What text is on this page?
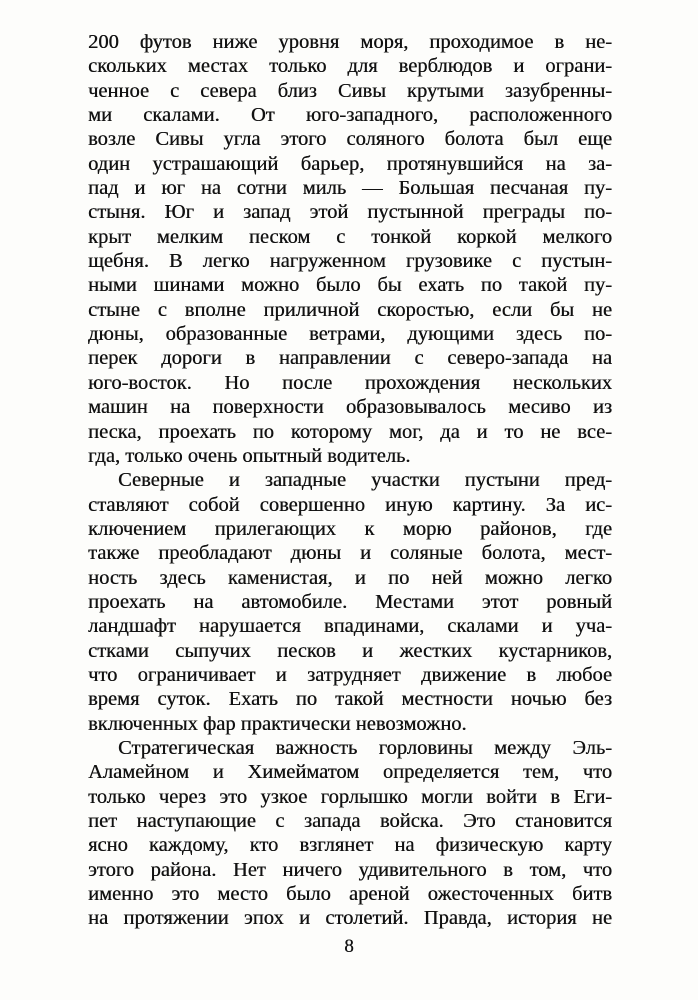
200 футов ниже уровня моря, проходимое в не-
скольких местах только для верблюдов и ограни-
ченное с севера близ Сивы крутыми зазубренны-
ми скалами. От юго-западного, расположенного
возле Сивы угла этого соляного болота был еще
один устрашающий барьер, протянувшийся на за-
пад и юг на сотни миль — Большая песчаная пу-
стыня. Юг и запад этой пустынной преграды по-
крыт мелким песком с тонкой коркой мелкого
щебня. В легко нагруженном грузовике с пустын-
ными шинами можно было бы ехать по такой пу-
стыне с вполне приличной скоростью, если бы не
дюны, образованные ветрами, дующими здесь по-
перек дороги в направлении с северо-запада на
юго-восток. Но после прохождения нескольких
машин на поверхности образовывалось месиво из
песка, проехать по которому мог, да и то не все-
гда, только очень опытный водитель.
Северные и западные участки пустыни пред-
ставляют собой совершенно иную картину. За ис-
ключением прилегающих к морю районов, где
также преобладают дюны и соляные болота, мест-
ность здесь каменистая, и по ней можно легко
проехать на автомобиле. Местами этот ровный
ландшафт нарушается впадинами, скалами и уча-
стками сыпучих песков и жестких кустарников,
что ограничивает и затрудняет движение в любое
время суток. Ехать по такой местности ночью без
включенных фар практически невозможно.
Стратегическая важность горловины между Эль-
Аламейном и Химейматом определяется тем, что
только через это узкое горлышко могли войти в Еги-
пет наступающие с запада войска. Это становится
ясно каждому, кто взглянет на физическую карту
этого района. Нет ничего удивительного в том, что
именно это место было ареной ожесточенных битв
на протяжении эпох и столетий. Правда, история не
8
